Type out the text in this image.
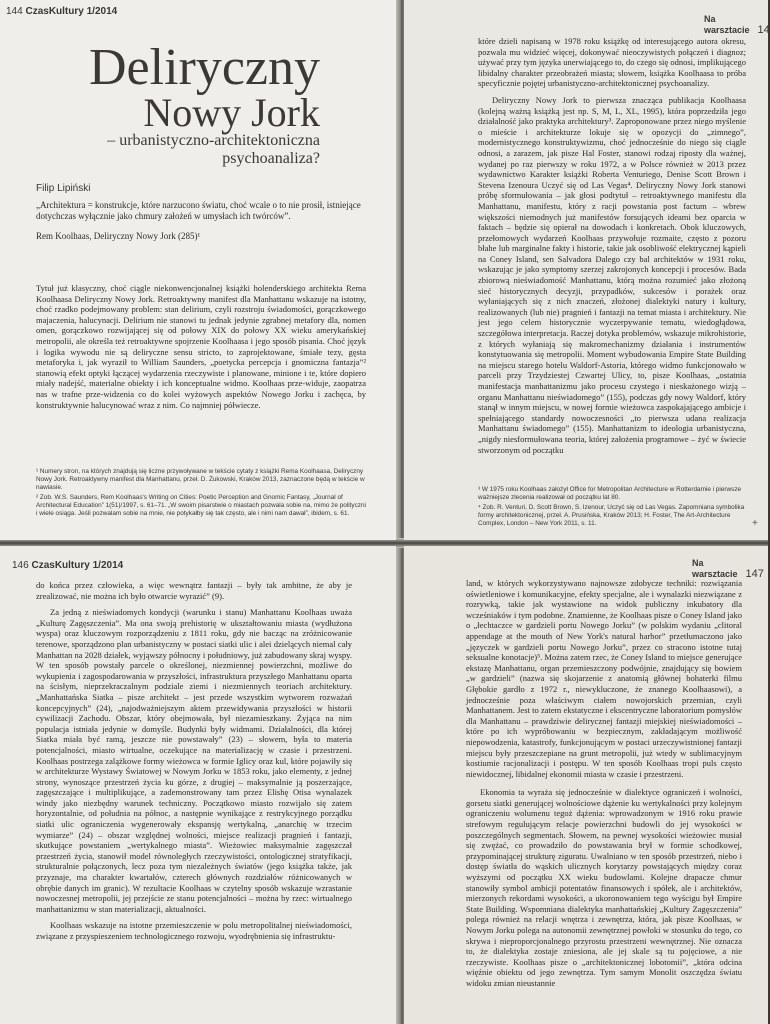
144 CzasKultury 1/2014
Deliryczny
Nowy Jork
– urbanistyczno-architektoniczna psychoanaliza?
Filip Lipiński
„Architektura = konstrukcje, które narzucono światu, choć wcale o to nie prosił, istniejące dotychczas wyłącznie jako chmury założeń w umysłach ich twórców”.
Rem Koolhaas, Deliryczny Nowy Jork (285)¹

Tytuł już klasyczny, choć ciągle niekonwencjonalnej książki holenderskiego architekta Rema Koolhaasa Deliryczny Nowy Jork. Retroaktywny manifest dla Manhattanu wskazuje na istotny, choć rzadko podejmowany problem: stan delirium, czyli rozstroju świadomości, gorączkowego majaczenia, halucynacji. Delirium nie stanowi tu jednak jedynie zgrabnej metafory dla, nomen omen, gorączkowo rozwijającej się od połowy XIX do połowy XX wieku amerykańskiej metropolii, ale określa też retroaktywne spojrzenie Koolhaasa i jego sposób pisania. Choć język i logika wywodu nie są deliryczne sensu stricto, to zaprojektowane, śmiałe tezy, gęsta metaforyka i, jak wyraził to William Saunders, „poetycka percepcja i gnomiczna fantazja”² stanowią efekt optyki łączącej wydarzenia rzeczywiste i planowane, minione i te, które dopiero miały nadejść, materialne obiekty i ich konceptualne widmo. Koolhaas prze-widuje, zaopatrza nas w trafne prze-widzenia co do kolei wyżowych aspektów Nowego Jorku i zachęca, by konstruktywnie halucynować wraz z nim. Co najmniej półwiecze.

¹ Numery stron, na których znajdują się liczne przywoływane w tekście cytaty z książki Rema Koolhaasa, Deliryczny Nowy Jork. Retroaktywny manifest dla Manhattanu, przeł. D. Żukowski, Kraków 2013, zaznaczone będą w tekście w nawiasie.

² Zob. W.S. Saunders, Rem Koolhaas's Writing on Cities: Poetic Perception and Gnomic Fantasy, „Journal of Architectural Education” 1(51)/1997, s. 61–71. „W swoim pisarstwie o miastach pozwala sobie na, mimo że polityczni i wiele osiąga. Jeśli pozwalam sobie na mnie, nie potykałby się tak często, ale i nimi nam dawał”, ibidem, s. 61.

Na warsztacie 14

które dzieli napisaną w 1978 roku książkę od interesującego autora okresu, pozwala mu widzieć więcej, dokonywać nieoczywistych połączeń i diagnoz; używać przy tym języka unerwiającego to, do czego się odnosi, implikującego libidalny charakter przeobrażeń miasta; słowem, książka Koolhaasa to próba specyficznie pojętej urbanistyczno-architektonicznej psychoanalizy.

Deliryczny Nowy Jork to pierwsza znacząca publikacja Koolhaasa (kolejną ważną książką jest np. S, M, L, XL, 1995), która poprzedziła jego działalność jako praktyka architektury³. Zaproponowane przez niego myślenie o mieście i architekturze lokuje się w opozycji do „zimnego”, modernistycznego konstruktywizmu, choć jednocześnie do niego się ciągle odnosi, a zarazem, jak pisze Hal Foster, stanowi rodzaj riposty dla ważnej, wydanej po raz pierwszy w roku 1972, a w Polsce również w 2013 przez wydawnictwo Karakter książki Roberta Venturiego, Denise Scott Brown i Stevena Izenoura Uczyć się od Las Vegas⁴. Deliryczny Nowy Jork stanowi próbę sformułowania – jak głosi podtytuł – retroaktywnego manifestu dla Manhattanu, manifestu, który z racji powstania post factum – wbrew większości niemodnych już manifestów forsujących ideami bez oparcia w faktach – będzie się opierał na dowodach i konkretach. Obok kluczowych, przełomowych wydarzeń Koolhaas przywołuje rozmaite, często z pozoru błahe lub marginalne fakty i historie, takie jak osobliwość elektrycznej kąpieli na Coney Island, sen Salvadora Dalego czy bal architektów w 1931 roku, wskazując je jako symptomy szerzej zakrojonych koncepcji i procesów. Bada zbiorową nieświadomość Manhattanu, którą można rozumieć jako złożoną sieć historycznych decyzji, przypadków, sukcesów i porażek oraz wyłaniających się z nich znaczeń, złożonej dialektyki natury i kultury, realizowanych (lub nie) pragnień i fantazji na temat miasta i architektury. Nie jest jego celem historycznie wyczerpywanie tematu, wiedogłądowa, szczegółowa interpretacja. Raczej dotyka problemów, wskazuje mikrohistorie, z których wyłaniają się makromechanizmy działania i instrumentów konstytuowania się metropolii. Moment wybudowania Empire State Building na miejscu starego hotelu Waldorf-Astoria, którego widmo funkcjonowało w parceli przy Trzydziestej Czwartej Ulicy, to, pisze Koolhaas, „ostatnia manifestacja manhattanizmu jako procesu czystego i nieskażonego wizją – organu Manhattanu nieświadomego” (155), podczas gdy nowy Waldorf, który stanął w innym miejscu, w nowej formie wieżowca zaspokajającego ambicje i spełniającego standardy nowoczesności „to pierwsza udana realizacja Manhattanu świadomego” (155). Manhattanizm to ideologia urbanistyczna, „nigdy niesformułowana teoria, której założenia programowe – żyć w świecie stworzonym od początku

³ W 1975 roku Koolhaas założył Office for Metropolitan Architecture w Rotterdamie i pierwsze ważniejsze zlecenia realizował od początku lat 80.

⁴ Zob. R. Venturi, D. Scott Brown, S. Izenour, Uczyć się od Las Vegas. Zapomniana symbolika formy architektonicznej, przeł. A. Prusińska, Kraków 2013; H. Foster, The Art-Architecture Complex, London – New York 2011, s. 11.	+
146 CzasKultury 1/2014

do końca przez człowieka, a więc wewnątrz fantazji – były tak ambitne, że aby je zrealizować, nie można ich było otwarcie wyrazić” (9).

Za jedną z nieświadomych kondycji (warunku i stanu) Manhattanu Koolhaas uważa „Kulturę Zagęszczenia”. Ma ona swoją prehistorię w ukształtowaniu miasta (wydłużona wyspa) oraz kluczowym rozporządzeniu z 1811 roku, gdy nie bacząc na zróżnicowanie terenowe, sporządzono plan urbanistyczny w postaci siatki ulic i alei dzielących niemal cały Manhattan na 2028 działek, wyjąwszy północny i południowy, już zabudowany skraj wyspy. W ten sposób powstały parcele o określonej, niezmiennej powierzchni, możliwe do wykupienia i zagospodarowania w przyszłości, infrastruktura przyszłego Manhattanu oparta na ścisłym, nieprzekraczalnym podziale ziemi i niezmiennych teoriach architektury. „Manhattańska Siatka – pisze architekt – jest przede wszystkim wytworem rozważań koncepcyjnych” (24), „najodważniejszym aktem przewidywania przyszłości w historii cywilizacji Zachodu. Obszar, który obejmowała, był niezamieszkany. Żyjąca na nim populacja istniała jedynie w domyśle. Budynki były widmami. Działalności, dla której Siatka miała być ramą, jeszcze nie powstawały” (23) – słowem, była to materia potencjalności, miasto wirtualne, oczekujące na materializację w czasie i przestrzeni. Koolhaas postrzega zalążkowe formy wieżowca w formie Iglicy oraz kul, które pojawiły się w architekturze Wystawy Światowej w Nowym Jorku w 1853 roku, jako elementy, z jednej strony, wynoszące przestrzeń życia ku górze, z drugiej – maksymalnie ją poszerzające, zagęszczające i multiplikujące, a zademonstrowany tam przez Elishę Otisa wynalazek windy jako niezbędny warunek techniczny. Początkowo miasto rozwijało się zatem horyzontalnie, od południa na północ, a następnie wynikające z restrykcyjnego porządku siatki ulic ograniczenia wygenerowały ekspansję wertykalną, „anarchię w trzecim wymiarze” (24) – obszar względnej wolności, miejsce realizacji pragnień i fantazji, skutkujące powstaniem „wertykalnego miasta”. Wieżowiec maksymalnie zagęszczał przestrzeń życia, stanowił model równoległych rzeczywistości, ontologicznej stratyfikacji, strukturalnie połączonych, lecz poza tym niezależnych światów (jego książka także, jak przyznaje, ma charakter kwartałów, czterech głównych rozdziałów różnicowanych w obrębie danych im granic). W rezultacie Koolhaas w czytelny sposób wskazuje wzrastanie nowoczesnej metropolii, jej przejście ze stanu potencjalności – można by rzec: wirtualnego manhattanizmu w stan materializacji, aktualności.

Koolhaas wskazuje na istotne przemieszczenie w polu metropolitalnej nieświadomości, związane z przyspieszeniem technologicznego rozwoju, wyodrębnienia się infrastruktu-

Na warsztacie 147

land, w których wykorzystywano najnowsze zdobycze techniki: rozwiązania oświetleniowe i komunikacyjne, efekty specjalne, ale i wynalazki niezwiązane z rozrywką, takie jak wystawione na widok publiczny inkubatory dla wcześniaków i tym podobne. Znamienne, że Koolhaas pisze o Coney Island jako o „łechtaczce w gardzieli portu Nowego Jorku” (w polskim wydaniu „clitoral appendage at the mouth of New York's natural harbor” przetłumaczono jako „języczek w gardzieli portu Nowego Jorku”, przez co stracono istotne tutaj seksualne konotacje)⁵. Można zatem rzec, że Coney Island to miejsce generujące ekstazę Manhattanu, organ przemieszczony podwójnie, znajdujący się bowiem „w gardzieli” (nazwa się skojarzenie z anatomią głównej bohaterki filmu Głębokie gardło z 1972 r., niewykluczone, że znanego Koolhaasowi), a jednocześnie poza właściwym ciałem nowojorskich przemian, czyli Manhattanem. Jest to zatem ekstatyczne i ekscentryczne laboratorium pomysłów dla Manhattanu – prawdziwie delirycznej fantazji miejskiej nieświadomości – które po ich wypróbowaniu w bezpiecznym, zakładającym możliwość niepowodzenia, katastrofy, funkcjonującym w postaci urzeczywistnionej fantazji miejscu były przeszczepiane na grunt metropolii, już wtedy w sublimacyjnym kostiumie racjonalizacji i postępu. W ten sposób Koolhaas tropi puls często niewidocznej, libidalnej ekonomii miasta w czasie i przestrzeni.

Ekonomia ta wyraża się jednocześnie w dialektyce ograniczeń i wolności, gorsetu siatki generującej wolnościowe dążenie ku wertykalności przy kolejnym ograniczeniu wolumenu tegoż dążenia: wprowadzonym w 1916 roku prawie strefowym regulującym relacje powierzchni budowli do jej wysokości w poszczególnych segmentach. Słowem, na pewnej wysokości wieżowiec musiał się zwężać, co prowadziło do powstawania brył w formie schodkowej, przypominającej strukturę ziguratu. Uwalniano w ten sposób przestrzeń, niebo i dostęp światła do wąskich ulicznych korytarzy powstających między coraz wyższymi od początku XX wieku budowlami. Kolejne drapacze chmur stanowiły symbol ambicji potentatów finansowych i spółek, ale i architektów, mierzonych rekordami wysokości, a ukoronowaniem tego wyścigu był Empire State Building. Wspomniana dialektyka manhattańskiej „Kultury Zagęszczenia” polega również na relacji wnętrza i zewnętrza, która, jak pisze Koolhaas, w Nowym Jorku polega na autonomii zewnętrznej powłoki w stosunku do tego, co skrywa i nieproporcjonalnego przyrostu przestrzeni wewnętrznej. Nie oznacza to, że dialektyka zostaje zniesiona, ale jej skale są tu pojęciowe, a nie rzeczywiste. Koolhaas pisze o „architektonicznej lobotomii”, „która odcina więźnie obiektu od jego zewnętrza. Tym samym Monolit oszczędza światu widoku zmian nieustannie
